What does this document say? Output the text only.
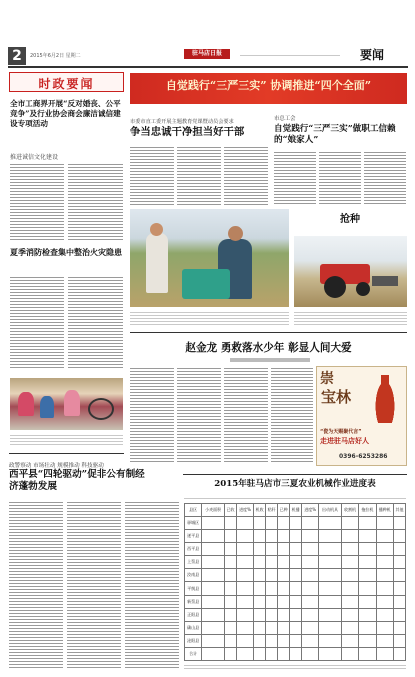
2	2015年6月2日 星期二	驻马店日报	要闻
时政要闻
全市工商界开展“反对婚丧、公平竞争”及行业协会商会廉洁诚信建设专项活动
推进诚信文化建设
夏季消防检查集中整治火灾隐患
政警察动 市场壮动 规模推动 科技驱动
西平县“四轮驱动”促非公有制经济蓬勃发展
自觉践行“三严三实” 协调推进“四个全面”
市委市直工委开展主题教育党课暨动员会要求
争当忠诚干净担当好干部
市总工会
自觉践行“三严三实”做职工信赖的“娘家人”
抢种
赵金龙 勇救落水少年 彰显人间大爱
崇
宝林
“瓷为天赐聚代言”
走进驻马店好人
0396-6253286
2015年驻马店市三夏农业机械作业进度表
县区	小麦面积	已收	进度%	机收	秸秆	已种	机播	进度%	出动机具	收割机	拖拉机	播种机	其他
驿城区													
遂平县													
西平县													
上蔡县													
汝南县													
平舆县													
新蔡县													
正阳县													
确山县													
泌阳县													
合计													
